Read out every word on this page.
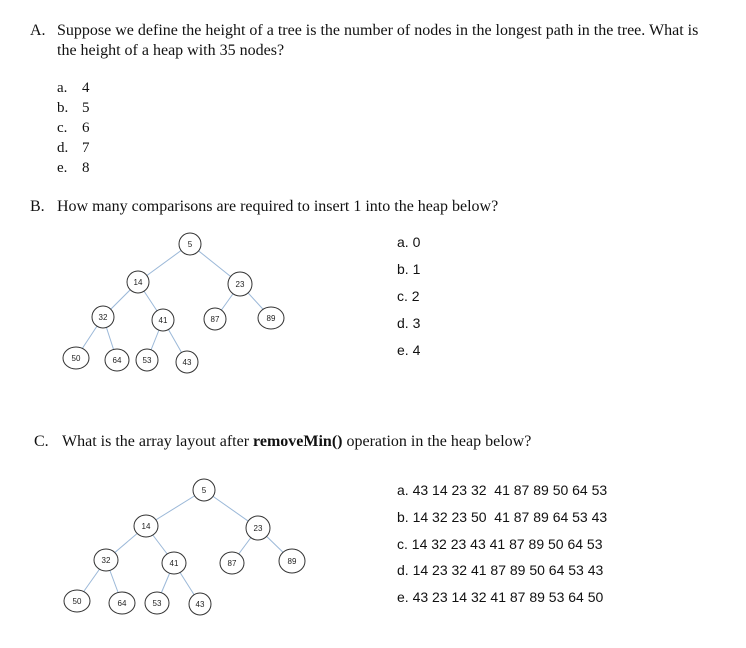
A. Suppose we define the height of a tree is the number of nodes in the longest path in the tree. What is
the height of a heap with 35 nodes?
a. 4
b. 5
c. 6
d. 7
e. 8
B. How many comparisons are required to insert 1 into the heap below?
5
14	23
32	41	87	89
50	64	53	43
a. 0
b. 1
c. 2
d. 3
e. 4
C. What is the array layout after removeMin() operation in the heap below?
5
14	23
32	41	87	89
50	64	53	43
a. 43 14 23 32  41 87 89 50 64 53
b. 14 32 23 50  41 87 89 64 53 43
c. 14 32 23 43 41 87 89 50 64 53
d. 14 23 32 41 87 89 50 64 53 43
e. 43 23 14 32 41 87 89 53 64 50
